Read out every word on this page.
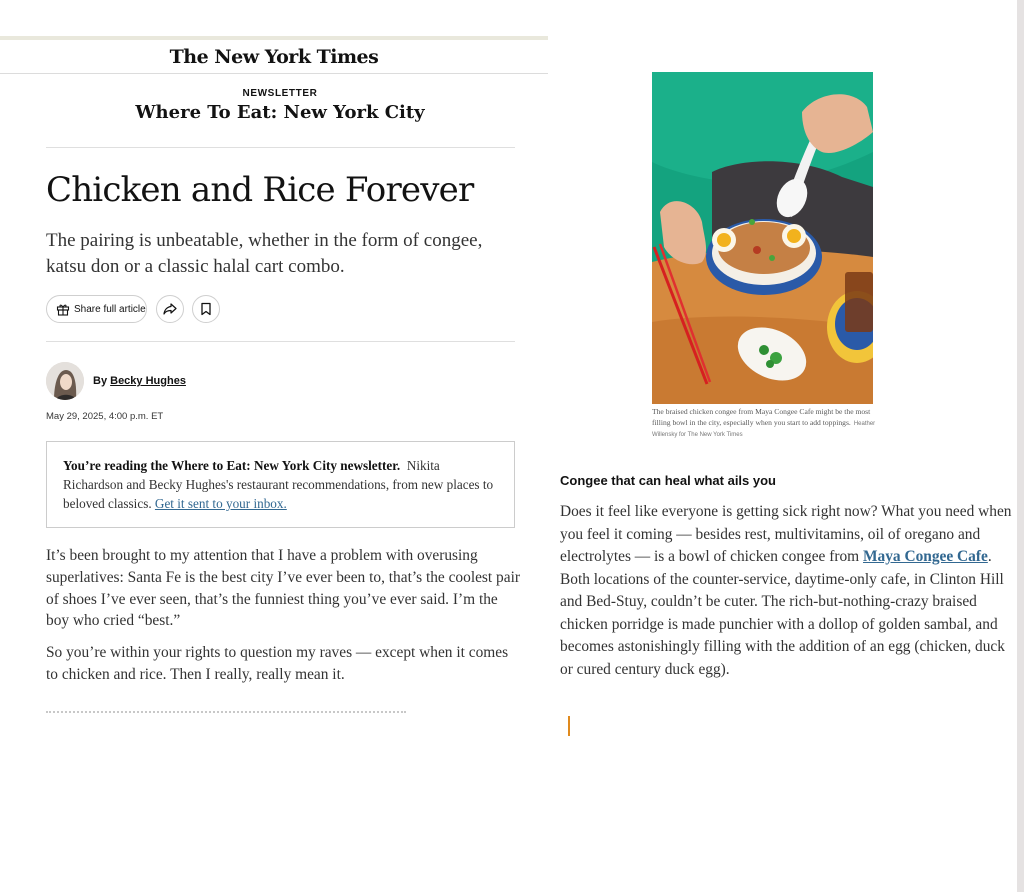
The New York Times
NEWSLETTER
Where To Eat: New York City
Chicken and Rice Forever

The pairing is unbeatable, whether in the form of congee, katsu don or a classic halal cart combo.

Share full article
By Becky Hughes
May 29, 2025, 4:00 p.m. ET
You’re reading the Where to Eat: New York City newsletter. Nikita Richardson and Becky Hughes's restaurant recommendations, from new places to beloved classics. Get it sent to your inbox.

It’s been brought to my attention that I have a problem with overusing superlatives: Santa Fe is the best city I’ve ever been to, that’s the coolest pair of shoes I’ve ever seen, that’s the funniest thing you’ve ever said. I’m the boy who cried “best.”

So you’re within your rights to question my raves — except when it comes to chicken and rice. Then I really, really mean it.

The braised chicken congee from Maya Congee Cafe might be the most filling bowl in the city, especially when you start to add toppings. Heather Willensky for The New York Times
Congee that can heal what ails you
Does it feel like everyone is getting sick right now? What you need when you feel it coming — besides rest, multivitamins, oil of oregano and electrolytes — is a bowl of chicken congee from Maya Congee Cafe. Both locations of the counter-service, daytime-only cafe, in Clinton Hill and Bed-Stuy, couldn’t be cuter. The rich-but-nothing-crazy braised chicken porridge is made punchier with a dollop of golden sambal, and becomes astonishingly filling with the addition of an egg (chicken, duck or cured century duck egg).
